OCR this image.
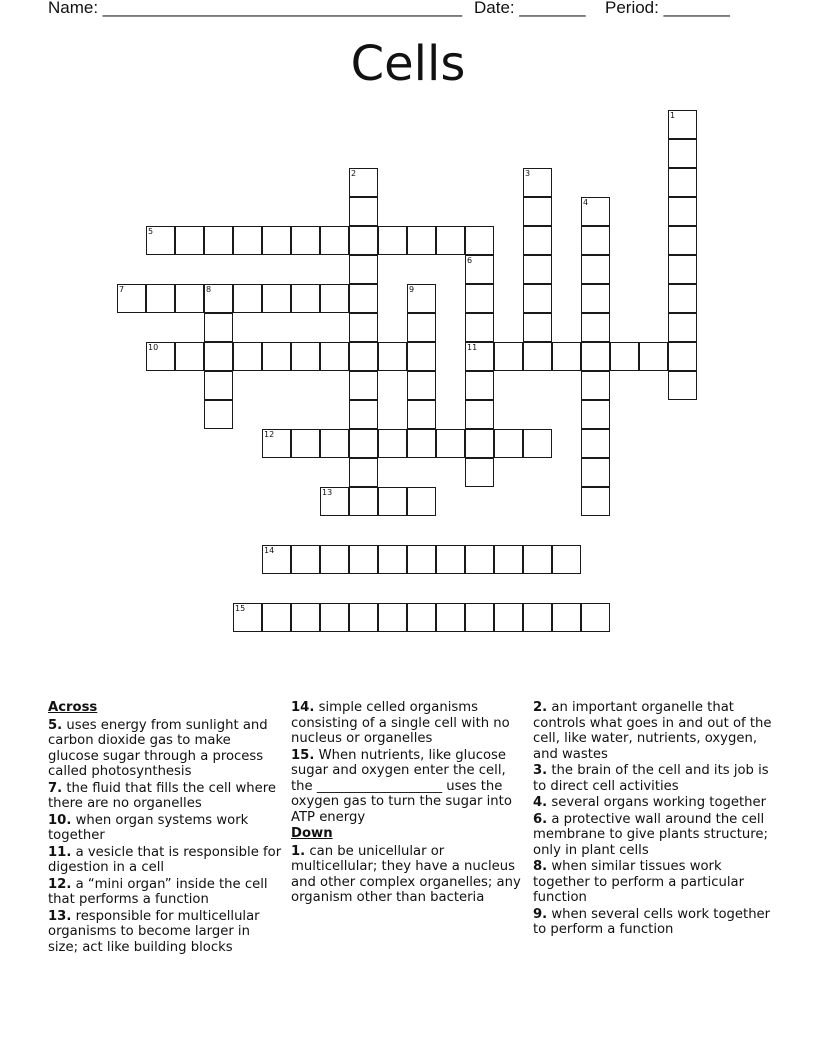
Name: ______________________________________

Date: _______

Period: _______

Cells
1
2	3
4
5
6
7	8	9
10	11
12
13
14
15
Across
5. uses energy from sunlight and carbon dioxide gas to make glucose sugar through a process called photosynthesis
7. the fluid that fills the cell where there are no organelles
10. when organ systems work together
11. a vesicle that is responsible for digestion in a cell
12. a “mini organ” inside the cell that performs a function
13. responsible for multicellular organisms to become larger in size; act like building blocks
14. simple celled organisms consisting of a single cell with no nucleus or organelles
15. When nutrients, like glucose sugar and oxygen enter the cell, the ___________________ uses the oxygen gas to turn the sugar into ATP energy
Down
1. can be unicellular or multicellular; they have a nucleus and other complex organelles; any organism other than bacteria
2. an important organelle that controls what goes in and out of the cell, like water, nutrients, oxygen, and wastes
3. the brain of the cell and its job is to direct cell activities
4. several organs working together
6. a protective wall around the cell membrane to give plants structure; only in plant cells
8. when similar tissues work together to perform a particular function
9. when several cells work together to perform a function
